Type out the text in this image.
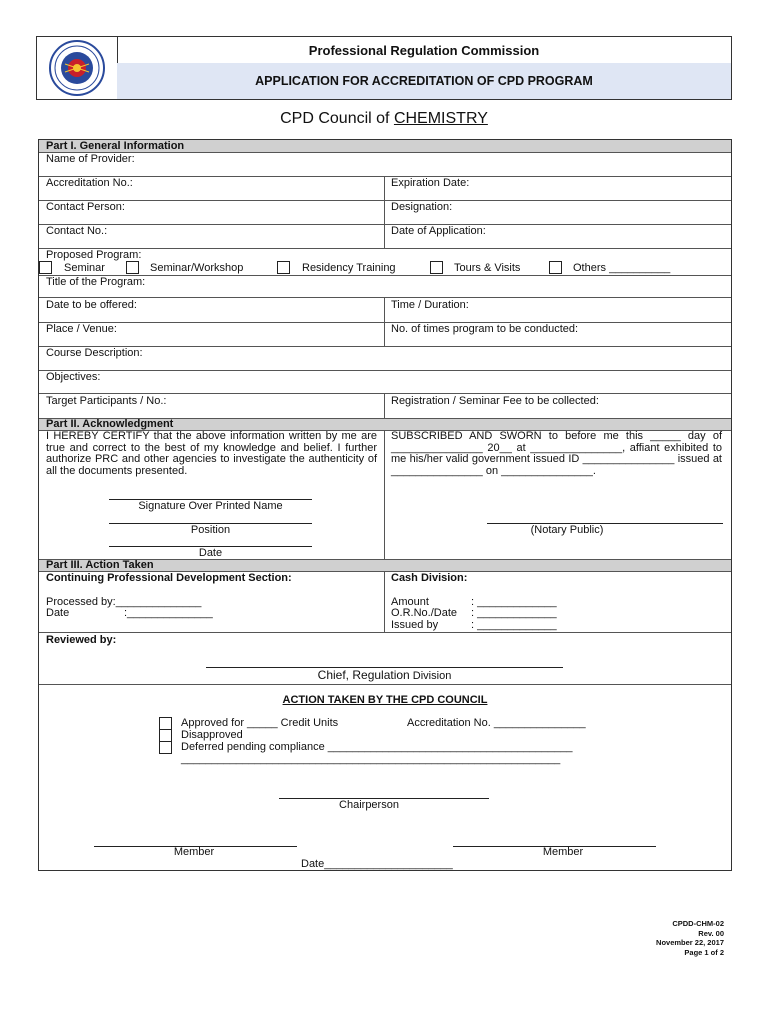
Professional Regulation Commission
APPLICATION FOR ACCREDITATION OF CPD PROGRAM
CPD Council of CHEMISTRY
Part I. General Information
Name of Provider:
Accreditation No.:	Expiration Date:
Contact Person:	Designation:
Contact No.:	Date of Application:
Proposed Program:
Seminar	Seminar/Workshop	Residency Training	Tours & Visits	Others __________
Title of the Program:
Date to be offered:	Time / Duration:
Place / Venue:	No. of times program to be conducted:
Course Description:
Objectives:
Target Participants / No.:	Registration / Seminar Fee to be collected:
Part II. Acknowledgment
I HEREBY CERTIFY that the above information written by me are true and correct to the best of my knowledge and belief. I further authorize PRC and other agencies to investigate the authenticity of all the documents presented.
SUBSCRIBED AND SWORN to before me this _____ day of _______________ 20__ at _______________, affiant exhibited to me his/her valid government issued ID _______________ issued at _______________ on _______________.
Signature Over Printed Name
Position
Date
(Notary Public)
Part III. Action Taken
Continuing Professional Development Section:
Processed by:______________
Date	:______________
Cash Division:
Amount	: _____________
O.R.No./Date : _____________
Issued by	: _____________
Reviewed by:
Chief, Regulation Division
ACTION TAKEN BY THE CPD COUNCIL
Approved for _____ Credit Units	Accreditation No. _______________
Disapproved
Deferred pending compliance ________________________________________
______________________________________________________________
Chairperson
Member	Member
Date_____________________
CPDD-CHM-02
Rev. 00
November 22, 2017
Page 1 of 2
